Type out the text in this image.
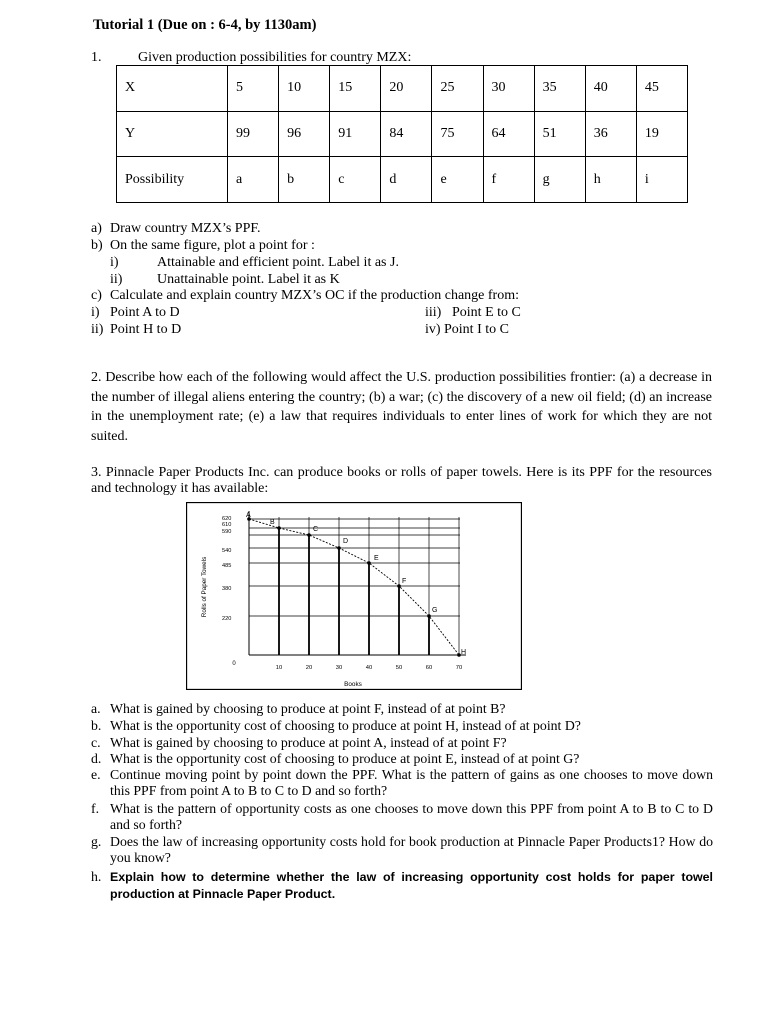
Tutorial 1 (Due on : 6-4, by 1130am)
1.	Given production possibilities for country MZX:
X	5	10	15	20	25	30	35	40	45
Y	99	96	91	84	75	64	51	36	19
Possibility	a	b	c	d	e	f	g	h	i
a) Draw country MZX’s PPF.
b) On the same figure, plot a point for :
i)	Attainable and efficient point. Label it as J.
ii) Unattainable point. Label it as K
c) Calculate and explain country MZX’s OC if the production change from:
i) Point A to D	iii) Point E to C
ii) Point H to D	iv) Point I to C
2. Describe how each of the following would affect the U.S. production possibilities frontier: (a) a decrease in the number of illegal aliens entering the country; (b) a war; (c) the discovery of a new oil field; (d) an increase in the unemployment rate; (e) a law that requires individuals to enter lines of work for which they are not suited.
3. Pinnacle Paper Products Inc. can produce books or rolls of paper towels. Here is its PPF for the resources and technology it has available:
A
B
C
D
E
F
G
H
620
610
590
540
485
380
220
10	20	30	40	50	60	70
0
Books
Rolls of Paper Towels
a. What is gained by choosing to produce at point F, instead of at point B?
b. What is the opportunity cost of choosing to produce at point H, instead of at point D?
c. What is gained by choosing to produce at point A, instead of at point F?
d. What is the opportunity cost of choosing to produce at point E, instead of at point G?
e. Continue moving point by point down the PPF. What is the pattern of gains as one chooses to move down this PPF from point A to B to C to D and so forth?
f. What is the pattern of opportunity costs as one chooses to move down this PPF from point A to B to C to D and so forth?
g. Does the law of increasing opportunity costs hold for book production at Pinnacle Paper Products1? How do you know?
h. Explain how to determine whether the law of increasing opportunity cost holds for paper towel production at Pinnacle Paper Product.
